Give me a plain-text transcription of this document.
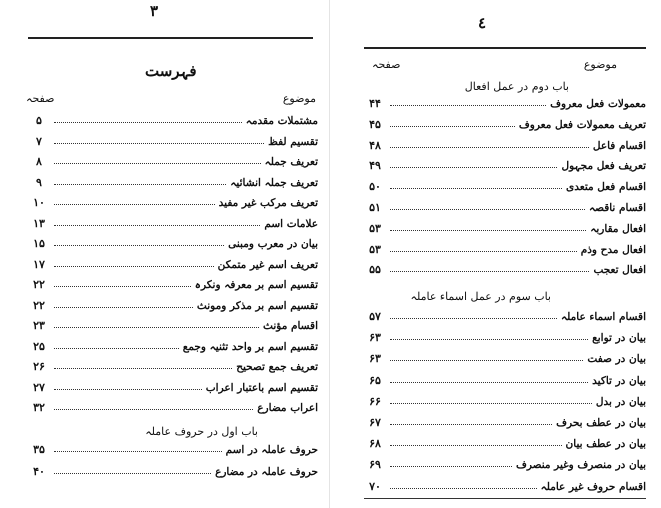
۳
فہرست
صفحہ	موضوع
۵	مشتملات مقدمہ
۷	تقسیم لفظ
۸	تعریف جملہ
۹	تعریف جملہ انشائیہ
۱۰	تعریف مرکب غیر مفید
۱۳	علامات اسم
۱۵	بیان در معرب ومبنی
۱۷	تعریف اسم غیر متمکن
۲۲	تقسیم اسم بر معرفہ ونکرہ
۲۲	تقسیم اسم بر مذکر ومونث
۲۳	اقسام مؤنث
۲۵	تقسیم اسم بر واحد تثنیہ وجمع
۲۶	تعریف جمع تصحیح
۲۷	تقسیم اسم باعتبار اعراب
۳۲	اعراب مضارع
باب اول در حروف عاملہ
۳۵	حروف عاملہ در اسم
۴۰	حروف عاملہ در مضارع
٤
صفحہ	موضوع
باب دوم در عمل افعال
۴۴	معمولات فعل معروف
۴۵	تعریف معمولات فعل معروف
۴۸	اقسام فاعل
۴۹	تعریف فعل مجہول
۵۰	اقسام فعل متعدی
۵۱	اقسام ناقصہ
۵۳	افعال مقاربہ
۵۳	افعال مدح وذم
۵۵	افعال تعجب
باب سوم در عمل اسماء عاملہ
۵۷	اقسام اسماء عاملہ
۶۳	بیان در توابع
۶۳	بیان در صفت
۶۵	بیان در تاکید
۶۶	بیان در بدل
۶۷	بیان در عطف بحرف
۶۸	بیان در عطف بیان
۶۹	بیان در منصرف وغیر منصرف
۷۰	اقسام حروف غیر عاملہ
